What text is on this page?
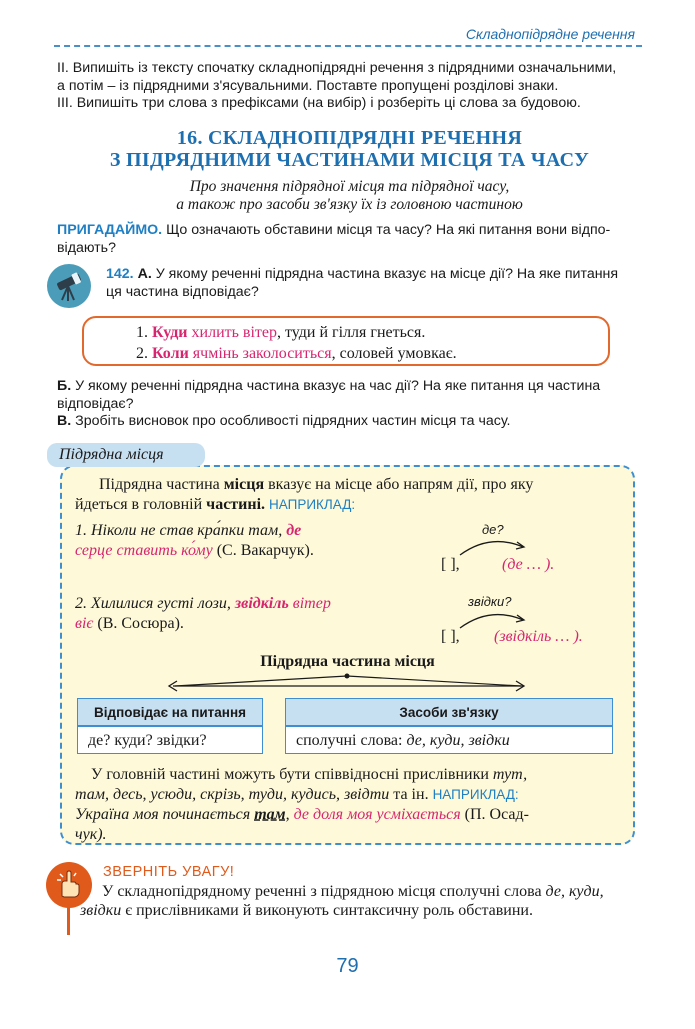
Складнопідрядне речення
II. Випишіть із тексту спочатку складнопідрядні речення з підрядними означальними,
а потім – із підрядними з'ясувальними. Поставте пропущені розділові знаки.
III. Випишіть три слова з префіксами (на вибір) і розберіть ці слова за будовою.
16. СКЛАДНОПІДРЯДНІ РЕЧЕННЯ
З ПІДРЯДНИМИ ЧАСТИНАМИ МІСЦЯ ТА ЧАСУ
Про значення підрядної місця та підрядної часу,
а також про засоби зв'язку їх із головною частиною
ПРИГАДАЙМО. Що означають обставини місця та часу? На які питання вони відпо-
відають?
142. А. У якому реченні підрядна частина вказує на місце дії? На яке питання
ця частина відповідає?
1. Куди хилить вітер, туди й гілля гнеться.
2. Коли ячмінь заколоситься, соловей умовкає.
Б. У якому реченні підрядна частина вказує на час дії? На яке питання ця частина
відповідає?
В. Зробіть висновок про особливості підрядних частин місця та часу.
Підрядна місця
Підрядна частина місця вказує на місце або напрям дії, про яку
йдеться в головній частині. НАПРИКЛАД:
1. Ніколи не став кра́пки там, де
серце ставить ко́му (С. Вакарчук).
де?
[ ],	(де … ).
2. Хилилися густі лози, звідкіль вітер
віє (В. Сосюра).
звідки?
[ ], (звідкіль … ).
Підрядна частина місця
Відповідає на питання	Засоби зв'язку
де? куди? звідки?	сполучні слова: де, куди, звідки
У головній частині можуть бути співвідносні прислівники тут,
там, десь, усюди, скрізь, туди, кудись, звідти та ін. НАПРИКЛАД:
Україна моя починається там, де доля моя усміхається (П. Осад-
чук).
ЗВЕРНІТЬ УВАГУ!
У складнопідрядному реченні з підрядною місця сполучні слова де, куди, звідки є прислівниками й виконують синтаксичну роль обставини.
79
